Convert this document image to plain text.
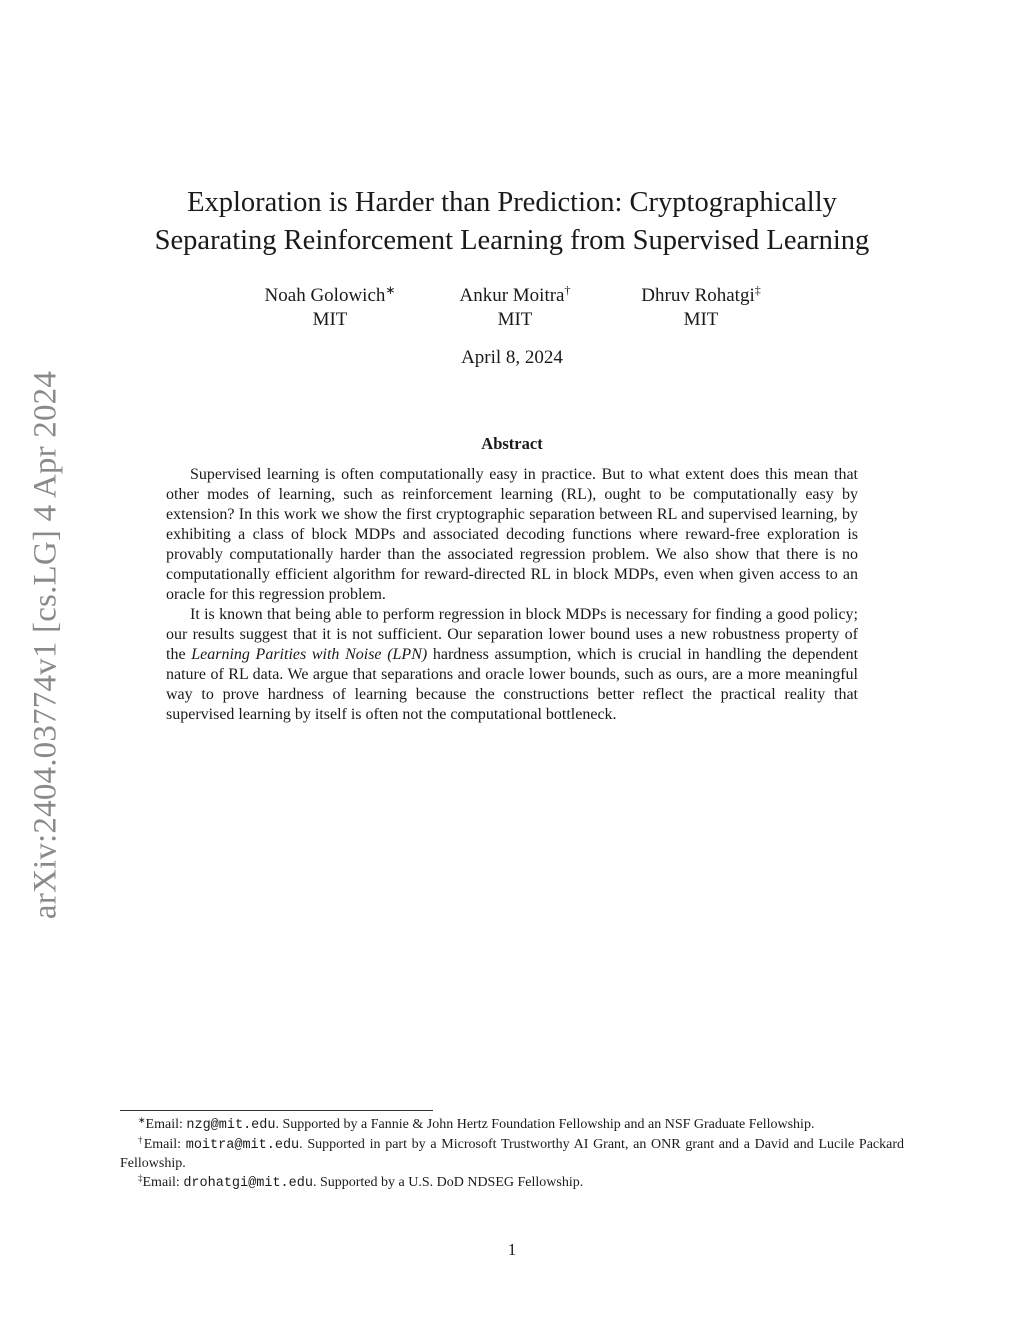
arXiv:2404.03774v1 [cs.LG] 4 Apr 2024
Exploration is Harder than Prediction: Cryptographically
Separating Reinforcement Learning from Supervised Learning
Noah Golowich∗
MIT
Ankur Moitra†
MIT
Dhruv Rohatgi‡
MIT
April 8, 2024
Abstract

Supervised learning is often computationally easy in practice. But to what extent does this mean that other modes of learning, such as reinforcement learning (RL), ought to be computationally easy by extension? In this work we show the first cryptographic separation between RL and supervised learning, by exhibiting a class of block MDPs and associated decoding functions where reward-free exploration is provably computationally harder than the associated regression problem. We also show that there is no computationally efficient algorithm for reward-directed RL in block MDPs, even when given access to an oracle for this regression problem.

It is known that being able to perform regression in block MDPs is necessary for finding a good policy; our results suggest that it is not sufficient. Our separation lower bound uses a new robustness property of the Learning Parities with Noise (LPN) hardness assumption, which is crucial in handling the dependent nature of RL data. We argue that separations and oracle lower bounds, such as ours, are a more meaningful way to prove hardness of learning because the constructions better reflect the practical reality that supervised learning by itself is often not the computational bottleneck.

∗Email: nzg@mit.edu. Supported by a Fannie & John Hertz Foundation Fellowship and an NSF Graduate Fellowship.

†Email: moitra@mit.edu. Supported in part by a Microsoft Trustworthy AI Grant, an ONR grant and a David and Lucile Packard Fellowship.

‡Email: drohatgi@mit.edu. Supported by a U.S. DoD NDSEG Fellowship.

1
